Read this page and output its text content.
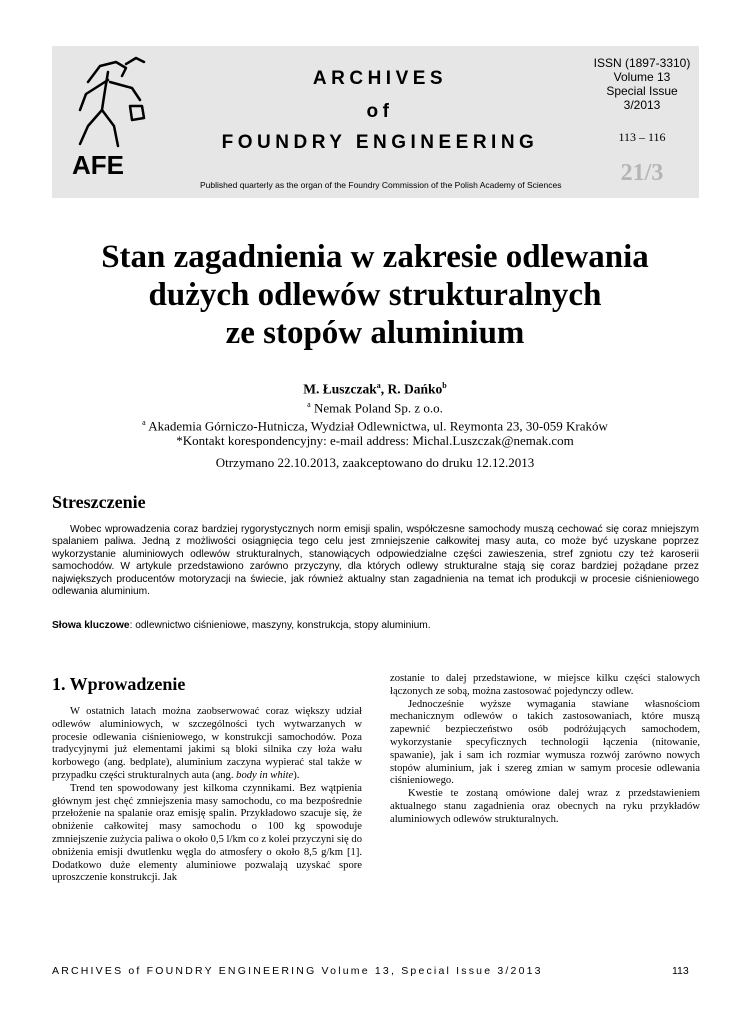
AFE
ARCHIVES
of
FOUNDRY ENGINEERING
Published quarterly as the organ of the Foundry Commission of the Polish Academy of Sciences
ISSN (1897-3310)
Volume 13
Special Issue
3/2013
113 – 116
21/3
Stan zagadnienia w zakresie odlewania
dużych odlewów strukturalnych
ze stopów aluminium
M. Łuszczak$^a$, R. Dańko$^b$
$^a$ Nemak Poland Sp. z o.o.
$^a$ Akademia Górniczo-Hutnicza, Wydział Odlewnictwa, ul. Reymonta 23, 30-059 Kraków
*Kontakt korespondencyjny: e-mail address: Michal.Luszczak@nemak.com
Otrzymano 22.10.2013, zaakceptowano do druku 12.12.2013
Streszczenie

Wobec wprowadzenia coraz bardziej rygorystycznych norm emisji spalin, współczesne samochody muszą cechować się coraz mniejszym spalaniem paliwa. Jedną z możliwości osiągnięcia tego celu jest zmniejszenie całkowitej masy auta, co może być uzyskane poprzez wykorzystanie aluminiowych odlewów strukturalnych, stanowiących odpowiedzialne części zawieszenia, stref zgniotu czy też karoserii samochodów. W artykule przedstawiono zarówno przyczyny, dla których odlewy strukturalne stają się coraz bardziej pożądane przez największych producentów motoryzacji na świecie, jak również aktualny stan zagadnienia na temat ich produkcji w procesie ciśnieniowego odlewania aluminium.

Słowa kluczowe: odlewnictwo ciśnieniowe, maszyny, konstrukcja, stopy aluminium.
1. Wprowadzenie

W ostatnich latach można zaobserwować coraz większy udział odlewów aluminiowych, w szczególności tych wytwarzanych w procesie odlewania ciśnieniowego, w konstrukcji samochodów. Poza tradycyjnymi już elementami jakimi są bloki silnika czy łoża wału korbowego (ang. bedplate), aluminium zaczyna wypierać stal także w przypadku części strukturalnych auta (ang. body in white).

Trend ten spowodowany jest kilkoma czynnikami. Bez wątpienia głównym jest chęć zmniejszenia masy samochodu, co ma bezpośrednie przełożenie na spalanie oraz emisję spalin. Przykładowo szacuje się, że obniżenie całkowitej masy samochodu o 100 kg spowoduje zmniejszenie zużycia paliwa o około 0,5 l/km co z kolei przyczyni się do obniżenia emisji dwutlenku węgla do atmosfery o około 8,5 g/km [1]. Dodatkowo duże elementy aluminiowe pozwalają uzyskać spore uproszczenie konstrukcji. Jak

zostanie to dalej przedstawione, w miejsce kilku części stalowych łączonych ze sobą, można zastosować pojedynczy odlew.

Jednocześnie wyższe wymagania stawiane własnościom mechanicznym odlewów o takich zastosowaniach, które muszą zapewnić bezpieczeństwo osób podróżujących samochodem, wykorzystanie specyficznych technologii łączenia (nitowanie, spawanie), jak i sam ich rozmiar wymusza rozwój zarówno nowych stopów aluminium, jak i szereg zmian w samym procesie odlewania ciśnieniowego.

Kwestie te zostaną omówione dalej wraz z przedstawieniem aktualnego stanu zagadnienia oraz obecnych na ryku przykładów aluminiowych odlewów strukturalnych.

ARCHIVES of FOUNDRY ENGINEERING Volume 13, Special Issue 3/2013	113
